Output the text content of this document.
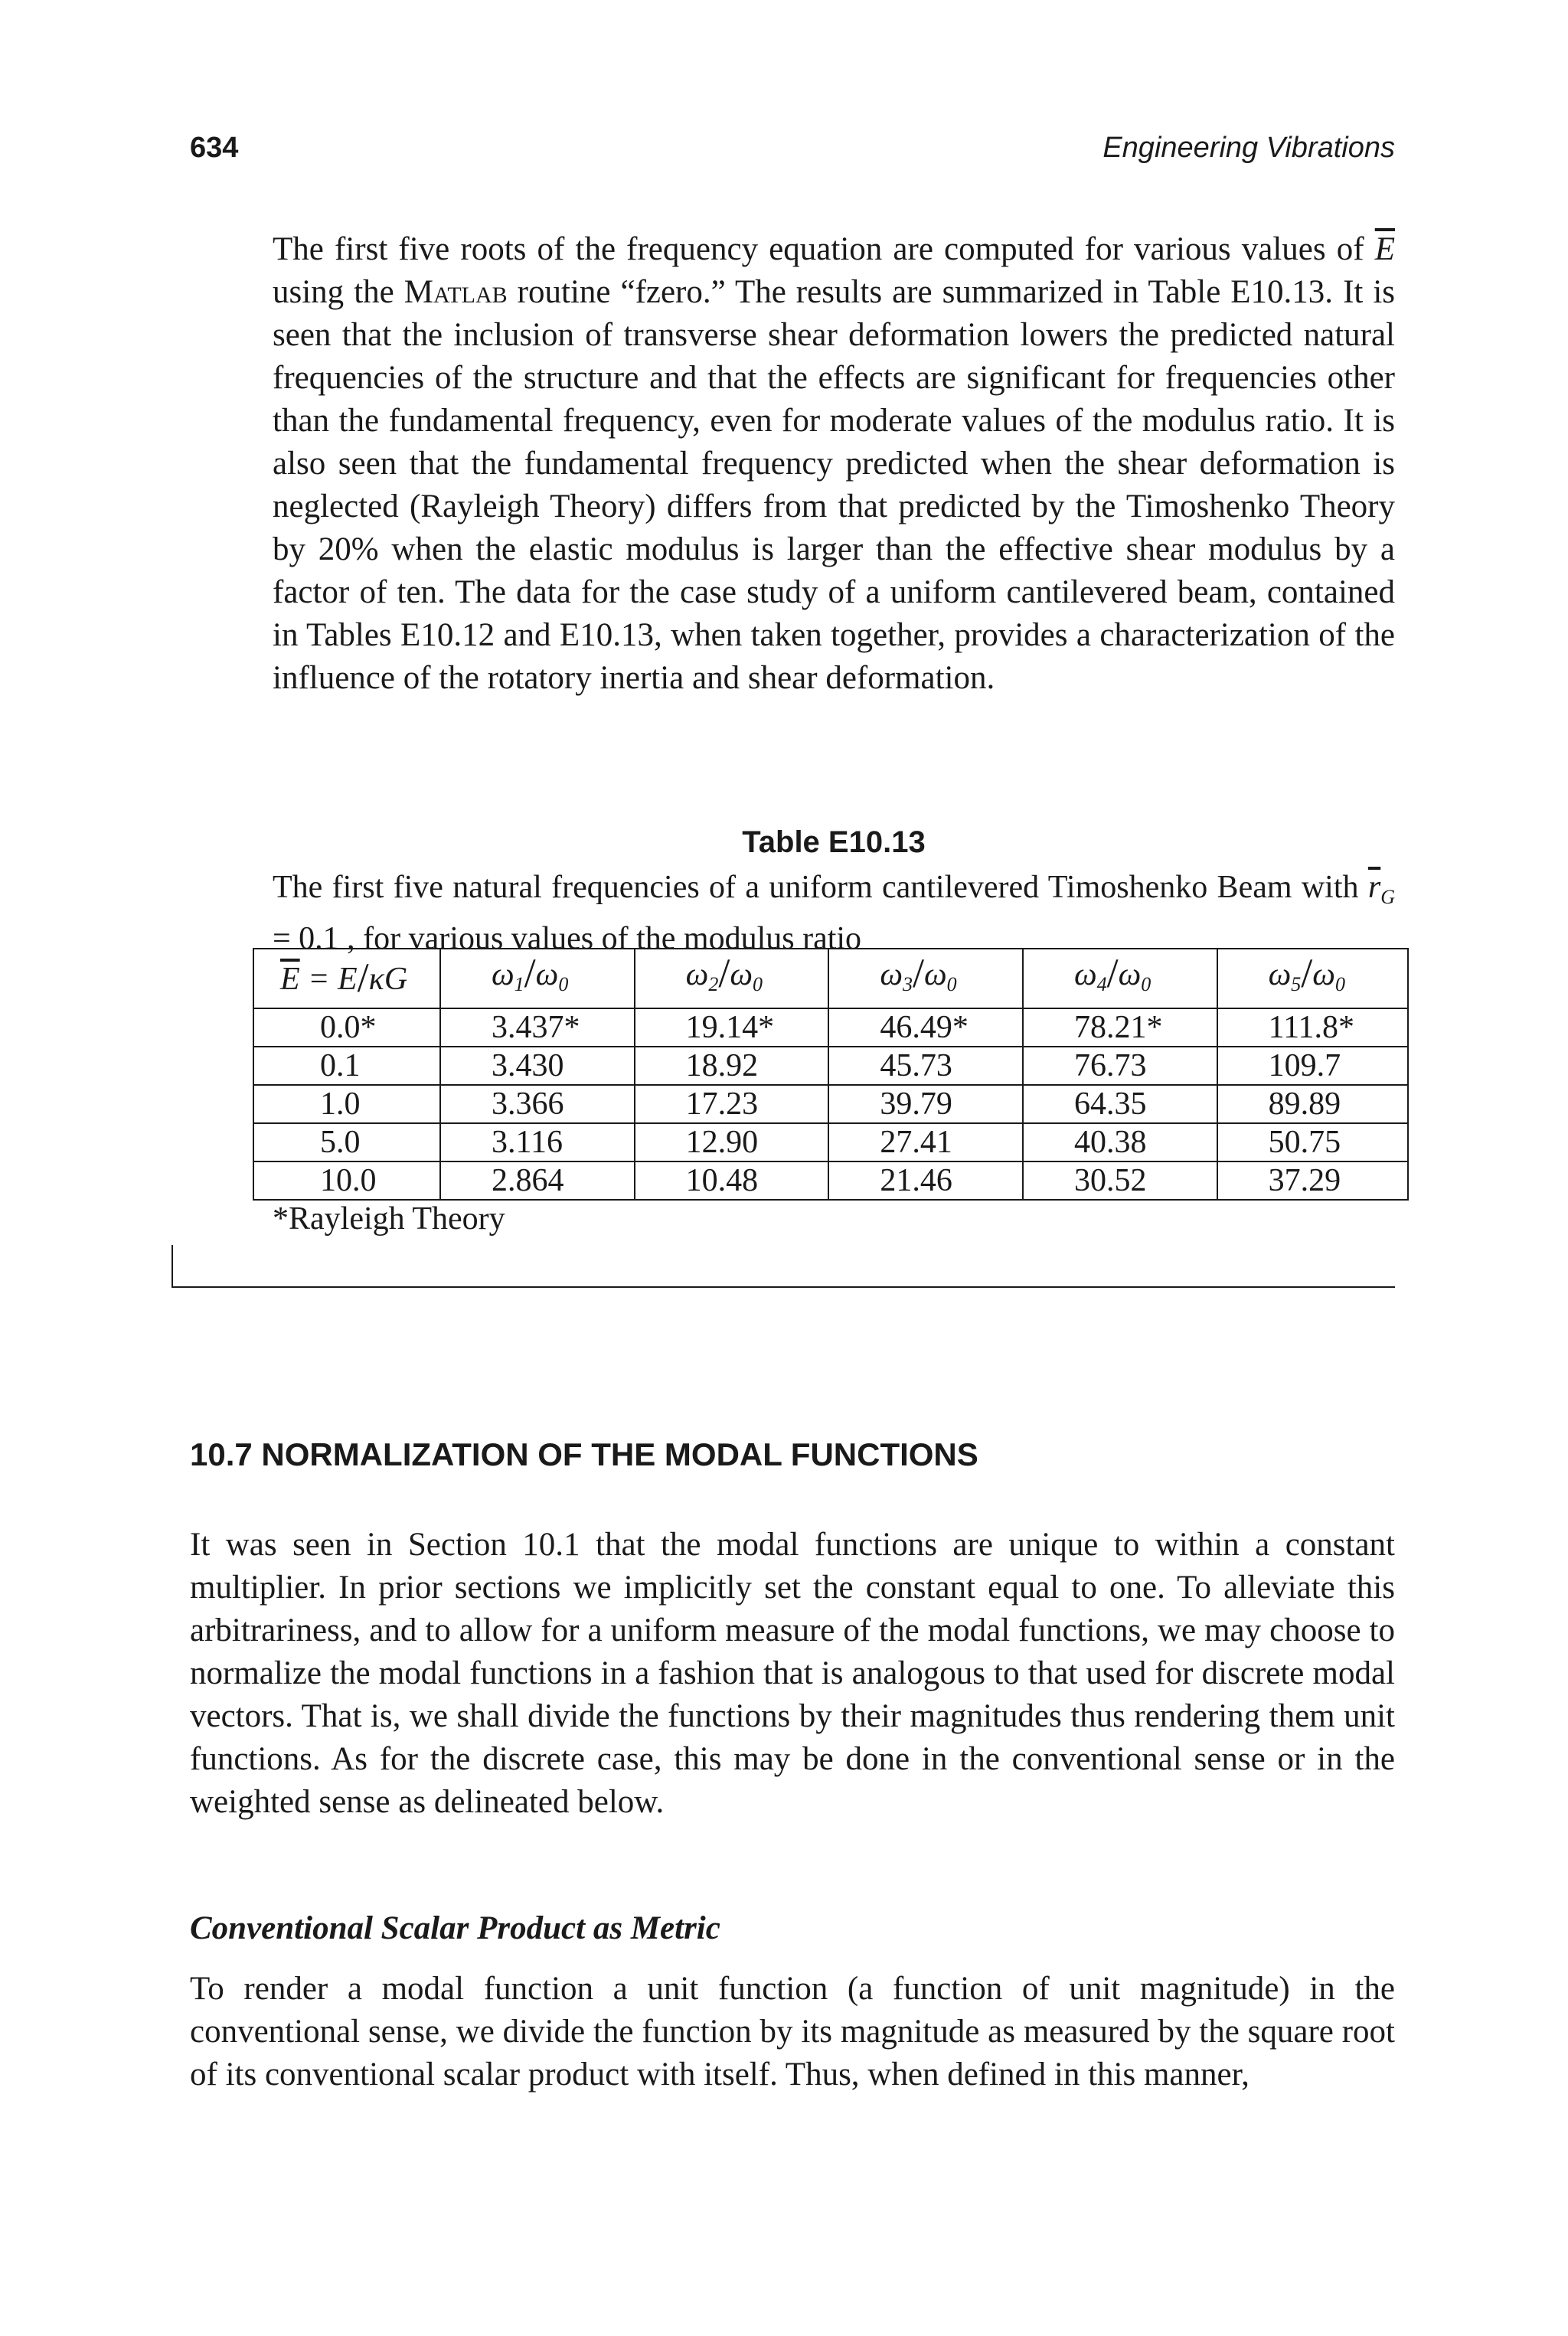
634	Engineering Vibrations

The first five roots of the frequency equation are computed for various values of $\overline{E}$ using the Matlab routine “fzero.” The results are summarized in Table E10.13. It is seen that the inclusion of transverse shear deformation lowers the predicted natural frequencies of the structure and that the effects are significant for frequencies other than the fundamental frequency, even for moderate values of the modulus ratio. It is also seen that the fundamental frequency predicted when the shear deformation is neglected (Rayleigh Theory) differs from that predicted by the Timoshenko Theory by 20% when the elastic modulus is larger than the effective shear modulus by a factor of ten. The data for the case study of a uniform cantilevered beam, contained in Tables E10.12 and E10.13, when taken together, provides a characterization of the influence of the rotatory inertia and shear deformation.

Table E10.13

The first five natural frequencies of a uniform cantilevered Timoshenko Beam with $\overline{r}_G = 0.1$ , for various values of the modulus ratio

$\overline{E} = E/\kappa G$	$\omega_1/\omega_0$	$\omega_2/\omega_0$	$\omega_3/\omega_0$	$\omega_4/\omega_0$	$\omega_5/\omega_0$
0.0*	3.437*	19.14*	46.49*	78.21*	111.8*
0.1	3.430	18.92	45.73	76.73	109.7
1.0	3.366	17.23	39.79	64.35	89.89
5.0	3.116	12.90	27.41	40.38	50.75
10.0	2.864	10.48	21.46	30.52	37.29
*Rayleigh Theory
10.7 NORMALIZATION OF THE MODAL FUNCTIONS

It was seen in Section 10.1 that the modal functions are unique to within a constant multiplier. In prior sections we implicitly set the constant equal to one. To alleviate this arbitrariness, and to allow for a uniform measure of the modal functions, we may choose to normalize the modal functions in a fashion that is analogous to that used for discrete modal vectors. That is, we shall divide the functions by their magnitudes thus rendering them unit functions. As for the discrete case, this may be done in the conventional sense or in the weighted sense as delineated below.

Conventional Scalar Product as Metric

To render a modal function a unit function (a function of unit magnitude) in the conventional sense, we divide the function by its magnitude as measured by the square root of its conventional scalar product with itself. Thus, when defined in this manner,
